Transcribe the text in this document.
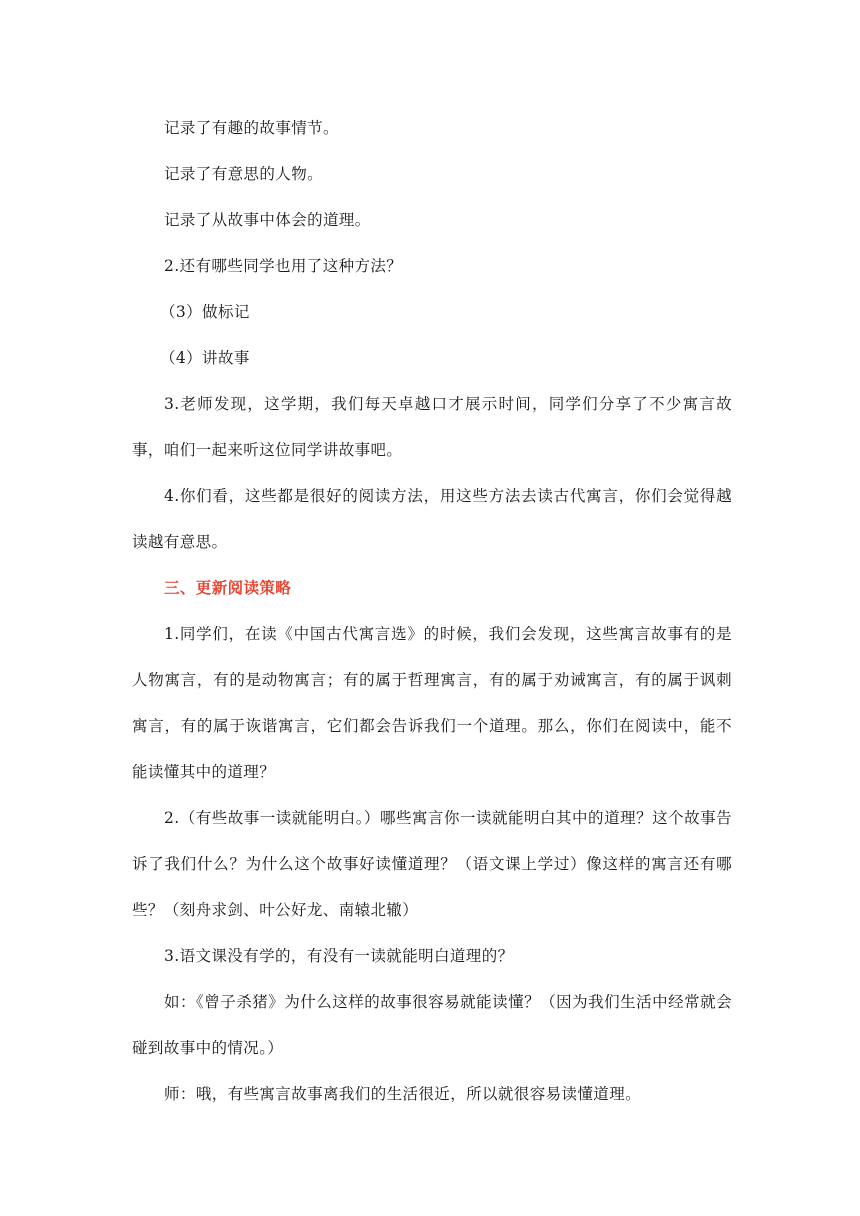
记录了有趣的故事情节。

记录了有意思的人物。

记录了从故事中体会的道理。

2.还有哪些同学也用了这种方法？

（3）做标记

（4）讲故事

3.老师发现，这学期，我们每天卓越口才展示时间，同学们分享了不少寓言故事，咱们一起来听这位同学讲故事吧。

4.你们看，这些都是很好的阅读方法，用这些方法去读古代寓言，你们会觉得越读越有意思。

三、更新阅读策略

1.同学们，在读《中国古代寓言选》的时候，我们会发现，这些寓言故事有的是人物寓言，有的是动物寓言；有的属于哲理寓言，有的属于劝诫寓言，有的属于讽刺寓言，有的属于诙谐寓言，它们都会告诉我们一个道理。那么，你们在阅读中，能不能读懂其中的道理？

2.（有些故事一读就能明白。）哪些寓言你一读就能明白其中的道理？这个故事告诉了我们什么？为什么这个故事好读懂道理？（语文课上学过）像这样的寓言还有哪些？（刻舟求剑、叶公好龙、南辕北辙）

3.语文课没有学的，有没有一读就能明白道理的？

如：《曾子杀猪》为什么这样的故事很容易就能读懂？（因为我们生活中经常就会碰到故事中的情况。）

师：哦，有些寓言故事离我们的生活很近，所以就很容易读懂道理。
